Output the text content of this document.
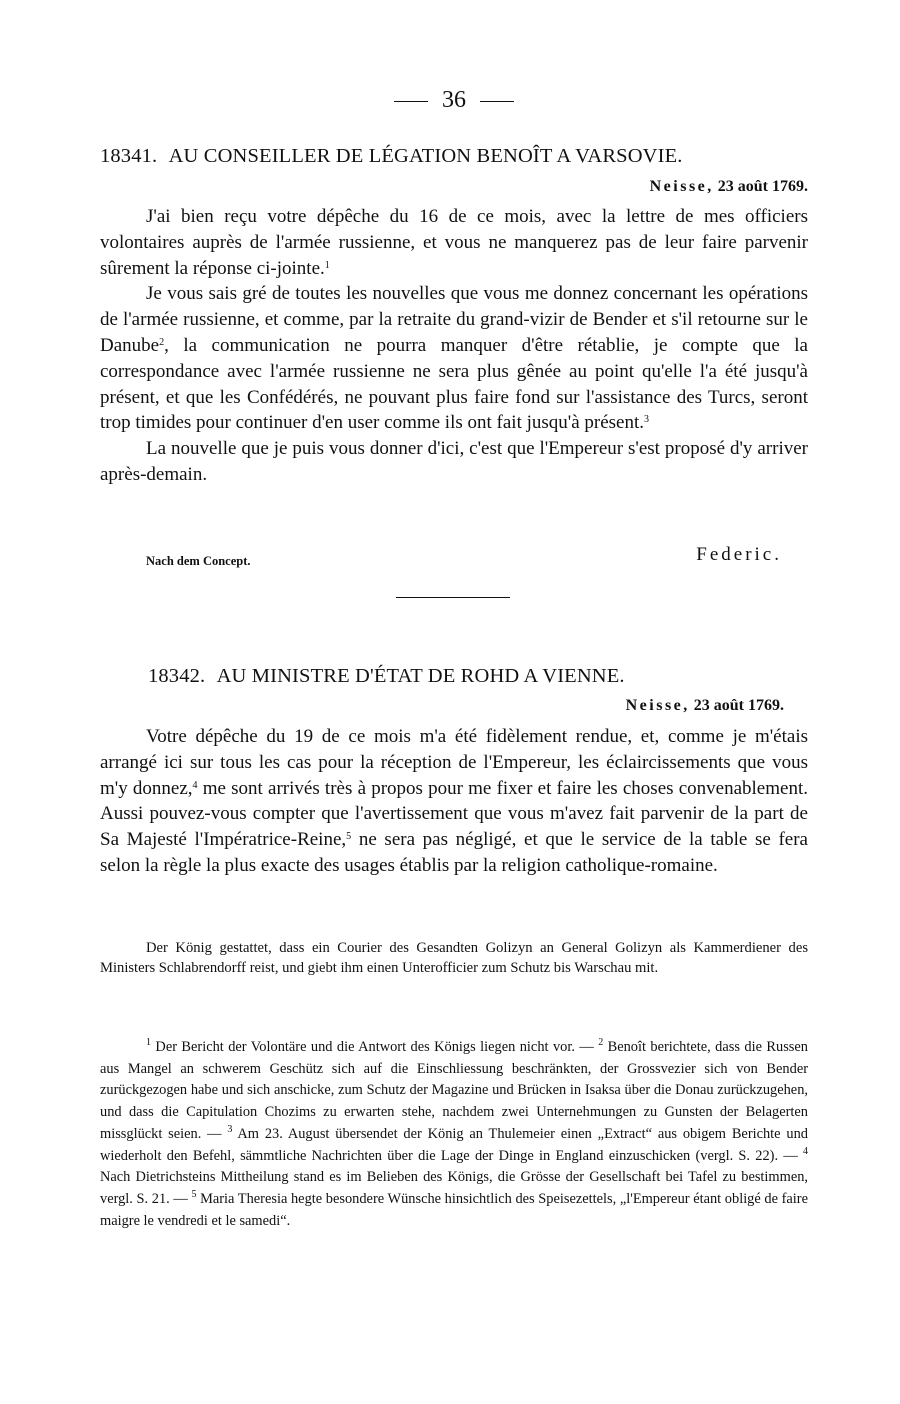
36
18341. AU CONSEILLER DE LÉGATION BENOÎT A VARSOVIE.
Neisse, 23 août 1769.

J'ai bien reçu votre dépêche du 16 de ce mois, avec la lettre de mes officiers volontaires auprès de l'armée russienne, et vous ne manquerez pas de leur faire parvenir sûrement la réponse ci-jointe.$^1$

Je vous sais gré de toutes les nouvelles que vous me donnez concernant les opérations de l'armée russienne, et comme, par la retraite du grand-vizir de Bender et s'il retourne sur le Danube$^2$, la communication ne pourra manquer d'être rétablie, je compte que la correspondance avec l'armée russienne ne sera plus gênée au point qu'elle l'a été jusqu'à présent, et que les Confédérés, ne pouvant plus faire fond sur l'assistance des Turcs, seront trop timides pour continuer d'en user comme ils ont fait jusqu'à présent.$^3$

La nouvelle que je puis vous donner d'ici, c'est que l'Empereur s'est proposé d'y arriver après-demain.

Nach dem Concept.	Federic.
18342. AU MINISTRE D'ÉTAT DE ROHD A VIENNE.
Neisse, 23 août 1769.

Votre dépêche du 19 de ce mois m'a été fidèlement rendue, et, comme je m'étais arrangé ici sur tous les cas pour la réception de l'Empereur, les éclaircissements que vous m'y donnez,$^4$ me sont arrivés très à propos pour me fixer et faire les choses convenablement. Aussi pouvez-vous compter que l'avertissement que vous m'avez fait parvenir de la part de Sa Majesté l'Impératrice-Reine,$^5$ ne sera pas négligé, et que le service de la table se fera selon la règle la plus exacte des usages établis par la religion catholique-romaine.

Der König gestattet, dass ein Courier des Gesandten Golizyn an General Golizyn als Kammerdiener des Ministers Schlabrendorff reist, und giebt ihm einen Unterofficier zum Schutz bis Warschau mit.

$^1$ Der Bericht der Volontäre und die Antwort des Königs liegen nicht vor. — $^2$ Benoît berichtete, dass die Russen aus Mangel an schwerem Geschütz sich auf die Einschliessung beschränkten, der Grossvezier sich von Bender zurückgezogen habe und sich anschicke, zum Schutz der Magazine und Brücken in Isaksa über die Donau zurückzugehen, und dass die Capitulation Chozims zu erwarten stehe, nachdem zwei Unternehmungen zu Gunsten der Belagerten missglückt seien. — $^3$ Am 23. August übersendet der König an Thulemeier einen „Extract“ aus obigem Berichte und wiederholt den Befehl, sämmtliche Nachrichten über die Lage der Dinge in England einzuschicken (vergl. S. 22). — $^4$ Nach Dietrichsteins Mittheilung stand es im Belieben des Königs, die Grösse der Gesellschaft bei Tafel zu bestimmen, vergl. S. 21. — $^5$ Maria Theresia hegte besondere Wünsche hinsichtlich des Speisezettels, „l'Empereur étant obligé de faire maigre le vendredi et le samedi“.
